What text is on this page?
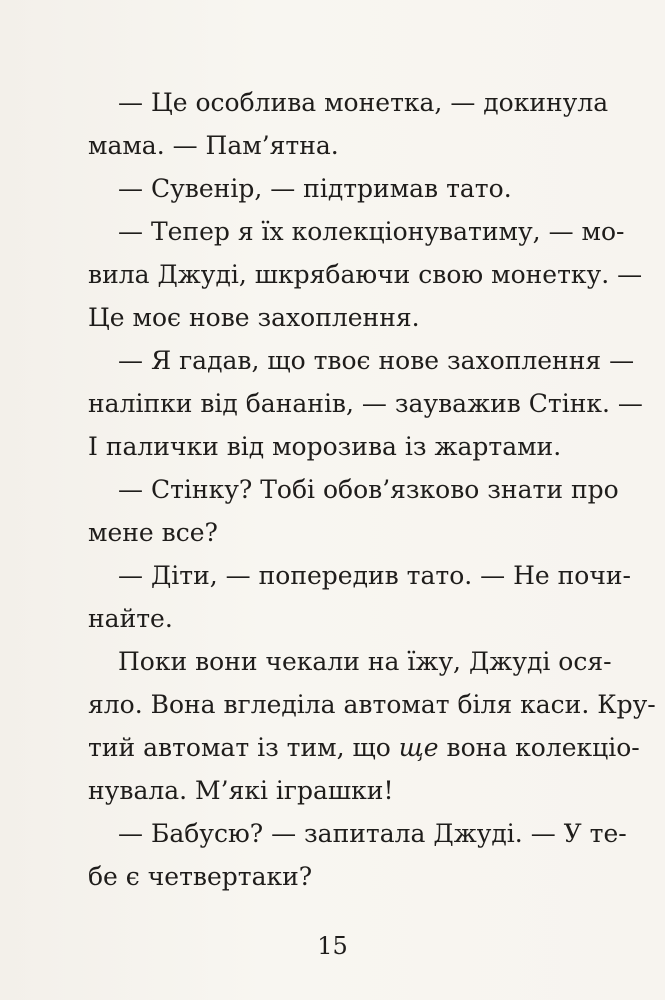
— Це особлива монетка, — докинула
мама. — Пам’ятна.
— Сувенір, — підтримав тато.
— Тепер я їх колекціонуватиму, — мо-
вила Джуді, шкрябаючи свою монетку. —
Це моє нове захоплення.
— Я гадав, що твоє нове захоплення —
наліпки від бананів, — зауважив Стінк. —
І палички від морозива із жартами.
— Стінку? Тобі обов’язково знати про
мене все?
— Діти, — попередив тато. — Не почи-
найте.
Поки вони чекали на їжу, Джуді ося-
яло. Вона вгледіла автомат біля каси. Кру-
тий автомат із тим, що ще вона колекціо-
нувала. М’які іграшки!
— Бабусю? — запитала Джуді. — У те-
бе є четвертаки?
15
